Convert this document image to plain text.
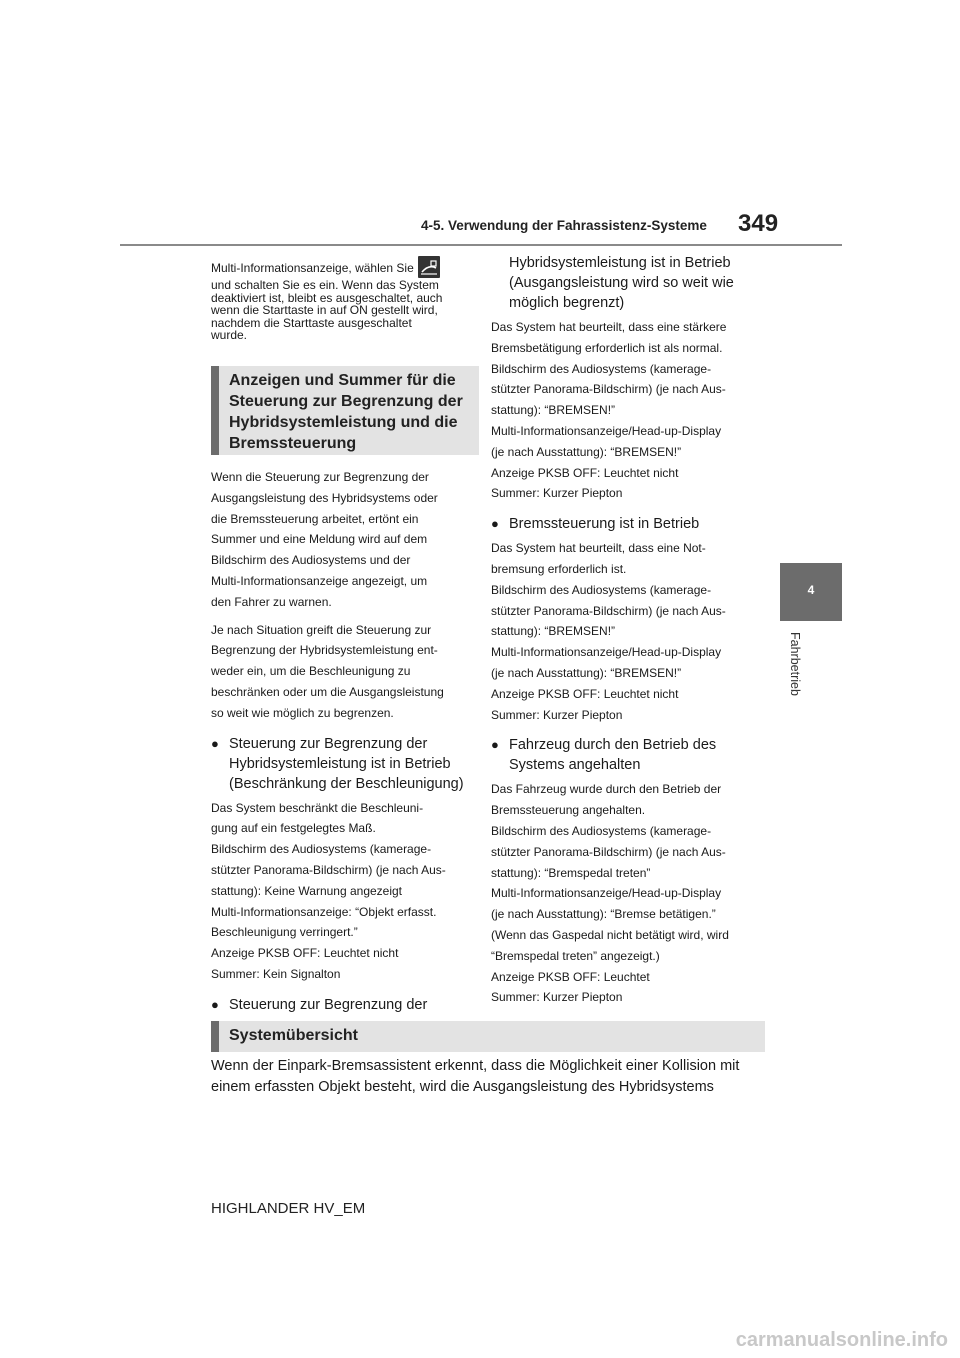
4-5. Verwendung der Fahrassistenz-Systeme 349
4
Fahrbetrieb

Multi-Informationsanzeige, wählen Sie

und schalten Sie es ein. Wenn das System

deaktiviert ist, bleibt es ausgeschaltet, auch

wenn die Starttaste in auf ON gestellt wird,

nachdem die Starttaste ausgeschaltet

wurde.

Anzeigen und Summer für die
Steuerung zur Begrenzung der
Hybridsystemleistung und die
Bremssteuerung

Wenn die Steuerung zur Begrenzung der

Ausgangsleistung des Hybridsystems oder

die Bremssteuerung arbeitet, ertönt ein

Summer und eine Meldung wird auf dem

Bildschirm des Audiosystems und der

Multi-Informationsanzeige angezeigt, um

den Fahrer zu warnen.

Je nach Situation greift die Steuerung zur

Begrenzung der Hybridsystemleistung ent-

weder ein, um die Beschleunigung zu

beschränken oder um die Ausgangsleistung

so weit wie möglich zu begrenzen.

● Steuerung zur Begrenzung der
Hybridsystemleistung ist in Betrieb
(Beschränkung der Beschleunigung)

Das System beschränkt die Beschleuni-

gung auf ein festgelegtes Maß.

Bildschirm des Audiosystems (kamerage-

stützter Panorama-Bildschirm) (je nach Aus-

stattung): Keine Warnung angezeigt

Multi-Informationsanzeige: “Objekt erfasst.

Beschleunigung verringert.”

Anzeige PKSB OFF: Leuchtet nicht

Summer: Kein Signalton

● Steuerung zur Begrenzung der
Hybridsystemleistung ist in Betrieb
(Ausgangsleistung wird so weit wie
möglich begrenzt)

Das System hat beurteilt, dass eine stärkere

Bremsbetätigung erforderlich ist als normal.

Bildschirm des Audiosystems (kamerage-

stützter Panorama-Bildschirm) (je nach Aus-

stattung): “BREMSEN!”

Multi-Informationsanzeige/Head-up-Display

(je nach Ausstattung): “BREMSEN!”

Anzeige PKSB OFF: Leuchtet nicht

Summer: Kurzer Piepton

● Bremssteuerung ist in Betrieb

Das System hat beurteilt, dass eine Not-

bremsung erforderlich ist.

Bildschirm des Audiosystems (kamerage-

stützter Panorama-Bildschirm) (je nach Aus-

stattung): “BREMSEN!”

Multi-Informationsanzeige/Head-up-Display

(je nach Ausstattung): “BREMSEN!”

Anzeige PKSB OFF: Leuchtet nicht

Summer: Kurzer Piepton

● Fahrzeug durch den Betrieb des
Systems angehalten

Das Fahrzeug wurde durch den Betrieb der

Bremssteuerung angehalten.

Bildschirm des Audiosystems (kamerage-

stützter Panorama-Bildschirm) (je nach Aus-

stattung): “Bremspedal treten”

Multi-Informationsanzeige/Head-up-Display

(je nach Ausstattung): “Bremse betätigen.”

(Wenn das Gaspedal nicht betätigt wird, wird

“Bremspedal treten” angezeigt.)

Anzeige PKSB OFF: Leuchtet

Summer: Kurzer Piepton

Systemübersicht
Wenn der Einpark-Bremsassistent erkennt, dass die Möglichkeit einer Kollision mit
einem erfassten Objekt besteht, wird die Ausgangsleistung des Hybridsystems
HIGHLANDER HV_EM
carmanualsonline.info
